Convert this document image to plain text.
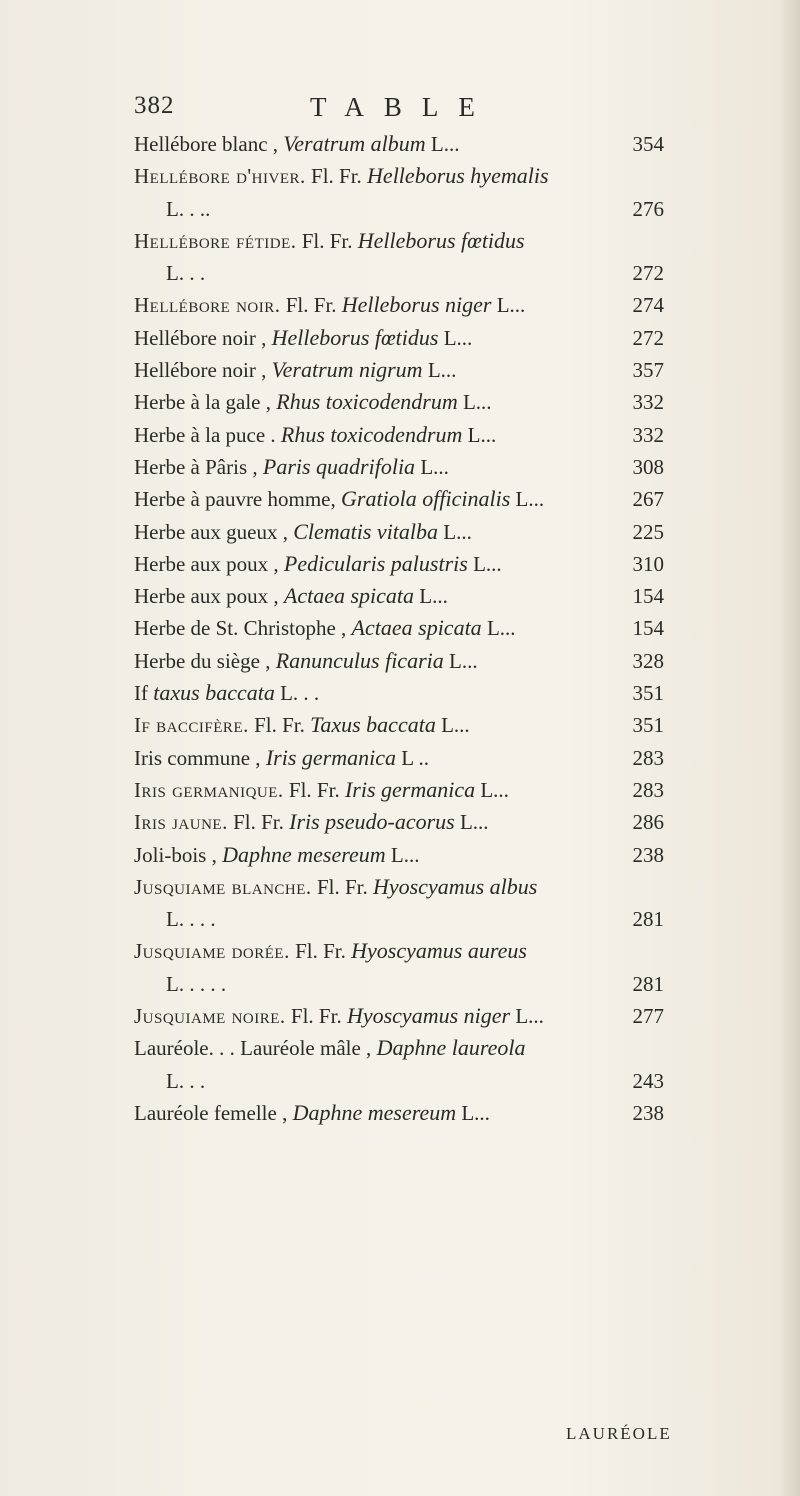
382	TABLE
Hellébore blanc , Veratrum album L...	354
Hellébore d'hiver. Fl. Fr. Helleborus hyemalis
L. . ..	276
Hellébore fétide. Fl. Fr. Helleborus fœtidus
L. . .	272
Hellébore noir. Fl. Fr. Helleborus niger L...	274
Hellébore noir , Helleborus fœtidus L...	272
Hellébore noir , Veratrum nigrum L...	357
Herbe à la gale , Rhus toxicodendrum L...	332
Herbe à la puce . Rhus toxicodendrum L...	332
Herbe à Pâris , Paris quadrifolia L...	308
Herbe à pauvre homme, Gratiola officinalis L...	267
Herbe aux gueux , Clematis vitalba L...	225
Herbe aux poux , Pedicularis palustris L...	310
Herbe aux poux , Actaea spicata L...	154
Herbe de St. Christophe , Actaea spicata L...	154
Herbe du siège , Ranunculus ficaria L...	328
If taxus baccata L. . .	351
If baccifère. Fl. Fr. Taxus baccata L...	351
Iris commune , Iris germanica L ..	283
Iris germanique. Fl. Fr. Iris germanica L...	283
Iris jaune. Fl. Fr. Iris pseudo-acorus L...	286
Joli-bois , Daphne mesereum L...	238
Jusquiame blanche. Fl. Fr. Hyoscyamus albus
L. . . .	281
Jusquiame dorée. Fl. Fr. Hyoscyamus aureus
L. . . . .	281
Jusquiame noire. Fl. Fr. Hyoscyamus niger L...	277
Lauréole. . . Lauréole mâle , Daphne laureola
L. . .	243
Lauréole femelle , Daphne mesereum L...	238
LAURÉOLE
